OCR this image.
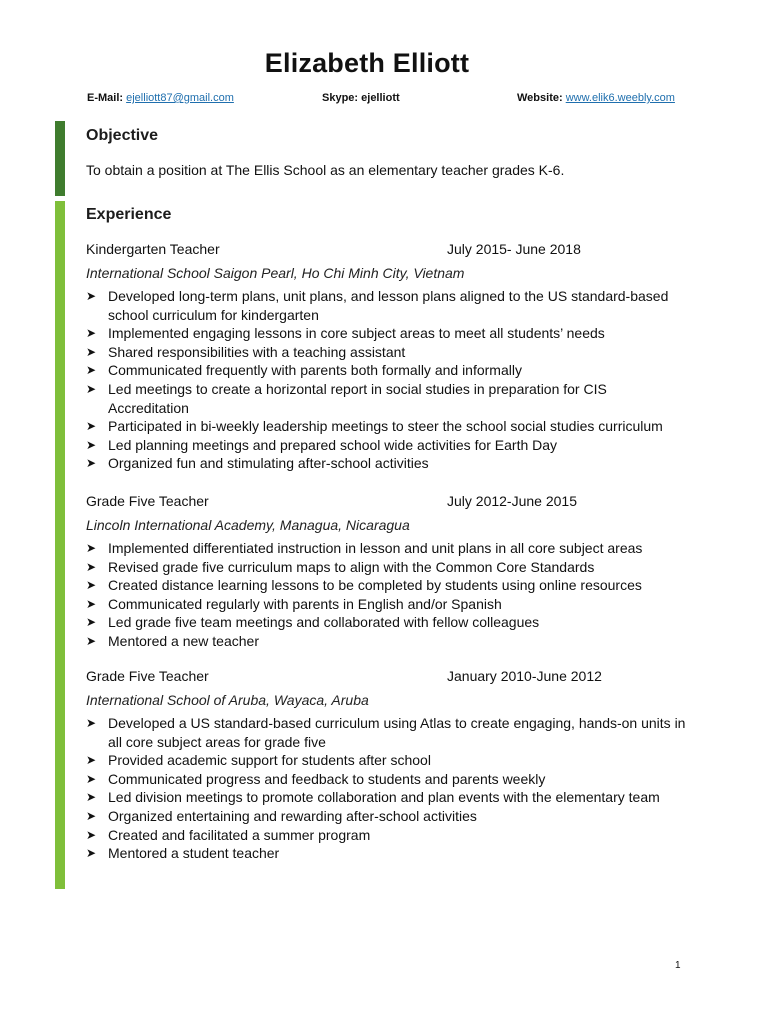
Elizabeth Elliott
E-Mail: ejelliott87@gmail.com	Skype: ejelliott	Website: www.elik6.weebly.com
Objective
To obtain a position at The Ellis School as an elementary teacher grades K-6.
Experience
Kindergarten Teacher	July 2015- June 2018
International School Saigon Pearl, Ho Chi Minh City, Vietnam
➤ Developed long-term plans, unit plans, and lesson plans aligned to the US standard-based school curriculum for kindergarten
➤ Implemented engaging lessons in core subject areas to meet all students’ needs
➤ Shared responsibilities with a teaching assistant
➤ Communicated frequently with parents both formally and informally
➤ Led meetings to create a horizontal report in social studies in preparation for CIS Accreditation
➤ Participated in bi-weekly leadership meetings to steer the school social studies curriculum
➤ Led planning meetings and prepared school wide activities for Earth Day
➤ Organized fun and stimulating after-school activities
Grade Five Teacher	July 2012-June 2015
Lincoln International Academy, Managua, Nicaragua
➤ Implemented differentiated instruction in lesson and unit plans in all core subject areas
➤ Revised grade five curriculum maps to align with the Common Core Standards
➤ Created distance learning lessons to be completed by students using online resources
➤ Communicated regularly with parents in English and/or Spanish
➤ Led grade five team meetings and collaborated with fellow colleagues
➤ Mentored a new teacher
Grade Five Teacher	January 2010-June 2012
International School of Aruba, Wayaca, Aruba
➤ Developed a US standard-based curriculum using Atlas to create engaging, hands-on units in all core subject areas for grade five
➤ Provided academic support for students after school
➤ Communicated progress and feedback to students and parents weekly
➤ Led division meetings to promote collaboration and plan events with the elementary team
➤ Organized entertaining and rewarding after-school activities
➤ Created and facilitated a summer program
➤ Mentored a student teacher
1
